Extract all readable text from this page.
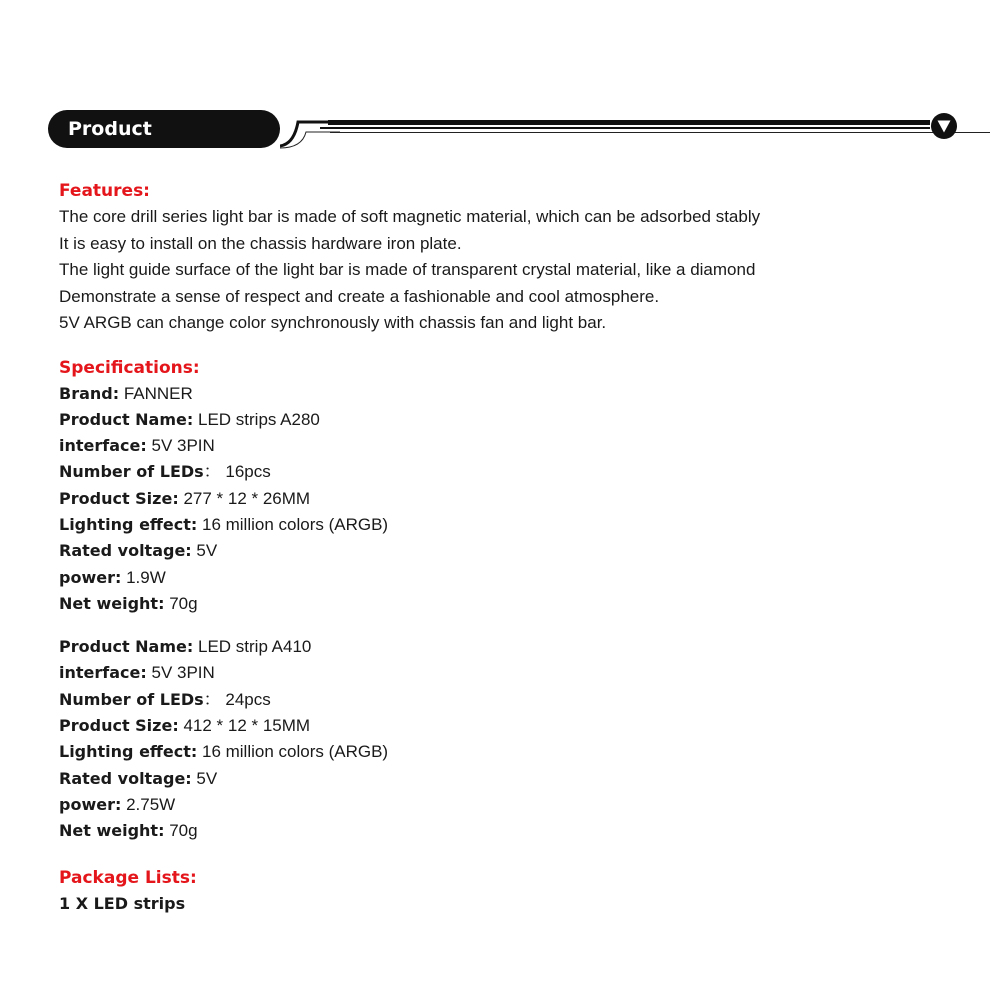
Product Description

Features:

The core drill series light bar is made of soft magnetic material, which can be adsorbed stably

It is easy to install on the chassis hardware iron plate.

The light guide surface of the light bar is made of transparent crystal material, like a diamond

Demonstrate a sense of respect and create a fashionable and cool atmosphere.

5V ARGB can change color synchronously with chassis fan and light bar.

Specifications:

Brand: FANNER

Product Name: LED strips A280

interface: 5V 3PIN

Number of LEDs： 16pcs

Product Size: 277 * 12 * 26MM

Lighting effect: 16 million colors (ARGB)

Rated voltage: 5V

power: 1.9W

Net weight: 70g

Product Name: LED strip A410

interface: 5V 3PIN

Number of LEDs： 24pcs

Product Size: 412 * 12 * 15MM

Lighting effect: 16 million colors (ARGB)

Rated voltage: 5V

power: 2.75W

Net weight: 70g

Package Lists:

1 X LED strips
